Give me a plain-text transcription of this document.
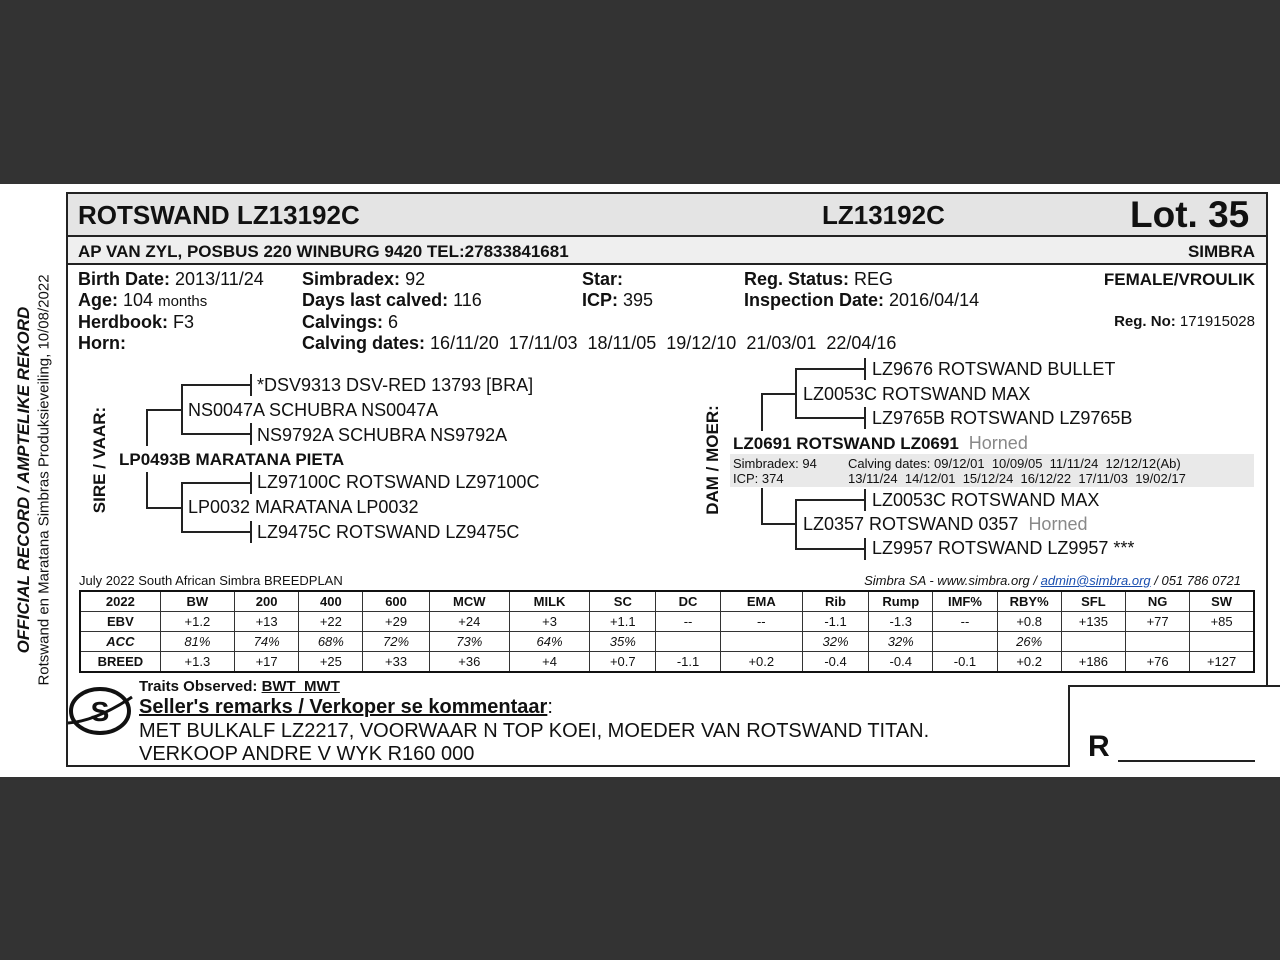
OFFICIAL RECORD / AMPTELIKE REKORD Rotswand en Maratana Simbras Produksieveiling, 10/08/2022
ROTSWAND LZ13192C	LZ13192C	Lot. 35
AP VAN ZYL, POSBUS 220 WINBURG 9420 TEL:27833841681	SIMBRA
Birth Date: 2013/11/24
Age: 104 months
Herdbook: F3
Horn:
Simbradex: 92
Days last calved: 116
Calvings: 6
Calving dates: 16/11/20  17/11/03  18/11/05  19/12/10  21/03/01  22/04/16
Star:
ICP: 395
Reg. Status: REG
Inspection Date: 2016/04/14
FEMALE/VROULIK
Reg. No: 171915028
SIRE / VAAR:	DAM / MOER:
*DSV9313 DSV-RED 13793 [BRA]
NS0047A SCHUBRA NS0047A
NS9792A SCHUBRA NS9792A
LP0493B MARATANA PIETA
LZ97100C ROTSWAND LZ97100C
LP0032 MARATANA LP0032
LZ9475C ROTSWAND LZ9475C
LZ9676 ROTSWAND BULLET
LZ0053C ROTSWAND MAX
LZ9765B ROTSWAND LZ9765B
LZ0691 ROTSWAND LZ0691 Horned
Simbradex: 94
ICP: 374
Calving dates: 09/12/01  10/09/05  11/11/24  12/12/12(Ab)
13/11/24  14/12/01  15/12/24  16/12/22  17/11/03  19/02/17
LZ0053C ROTSWAND MAX
LZ0357 ROTSWAND 0357 Horned
LZ9957 ROTSWAND LZ9957 ***
July 2022 South African Simbra BREEDPLAN	Simbra SA - www.simbra.org / admin@simbra.org / 051 786 0721
2022	BW	200	400	600	MCW	MILK	SC	DC	EMA	Rib	Rump	IMF%	RBY%	SFL	NG	SW
EBV	+1.2	+13	+22	+29	+24	+3	+1.1	--	--	-1.1	-1.3	--	+0.8	+135	+77	+85
ACC	81%	74%	68%	72%	73%	64%	35%			32%	32%		26%			
BREED	+1.3	+17	+25	+33	+36	+4	+0.7	-1.1	+0.2	-0.4	-0.4	-0.1	+0.2	+186	+76	+127
S
Traits Observed: BWT  MWT
Seller's remarks / Verkoper se kommentaar:
MET BULKALF LZ2217, VOORWAAR N TOP KOEI, MOEDER VAN ROTSWAND TITAN.
VERKOOP ANDRE V WYK R160 000	R
